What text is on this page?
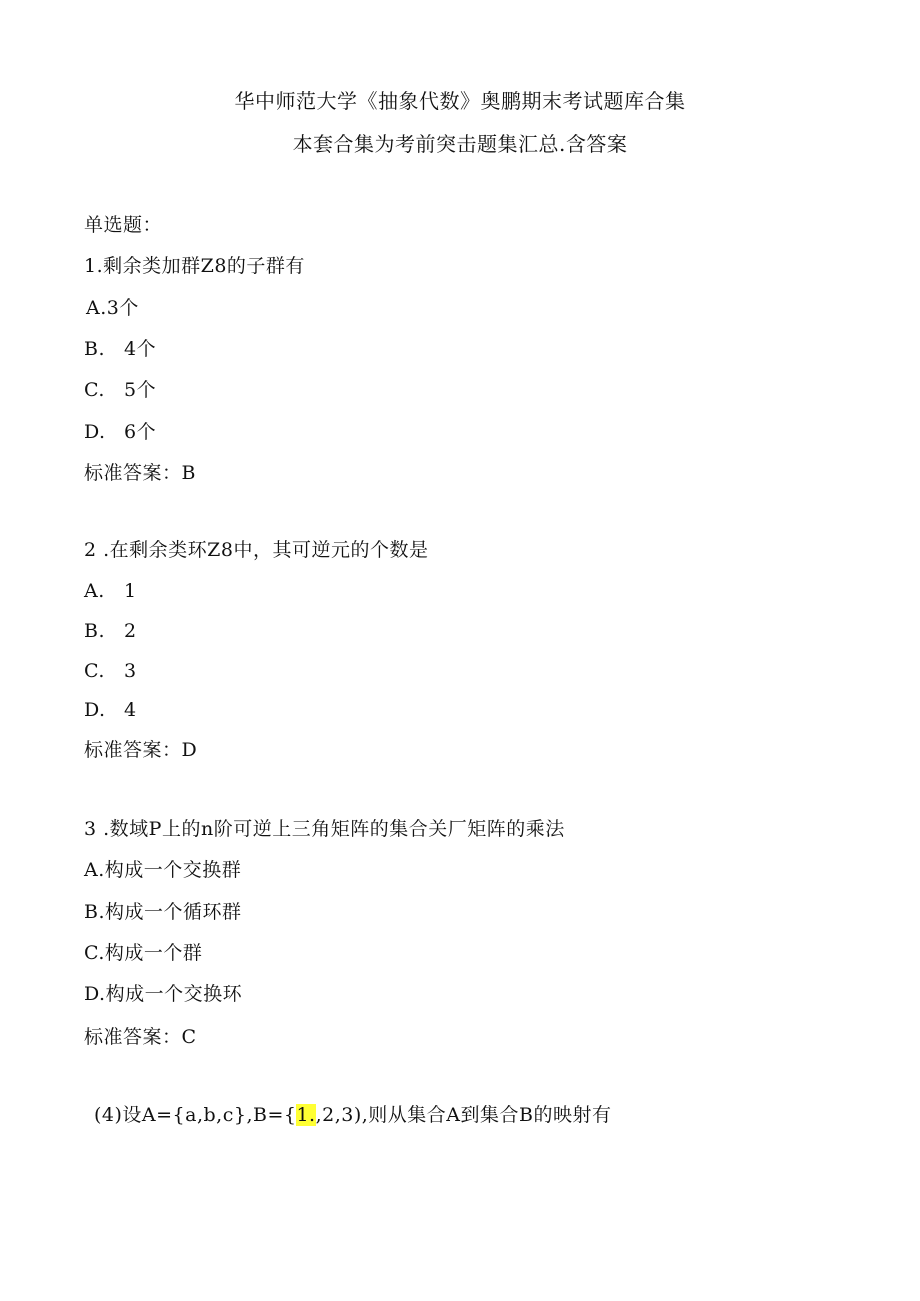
华中师范大学《抽象代数》奥鹏期末考试题库合集
本套合集为考前突击题集汇总.含答案
单选题：
1.剩余类加群Z8的子群有
A.3个
B. 4个
C. 5个
D. 6个
标准答案：B
2 .在剩余类环Z8中，其可逆元的个数是
A. 1
B. 2
C. 3
D. 4
标准答案：D
3 .数域P上的n阶可逆上三角矩阵的集合关厂矩阵的乘法
A.构成一个交换群
B.构成一个循环群
C.构成一个群
D.构成一个交换环
标准答案：C
(4)设A={a,b,c},B={1.,2,3),则从集合A到集合B的映射有
